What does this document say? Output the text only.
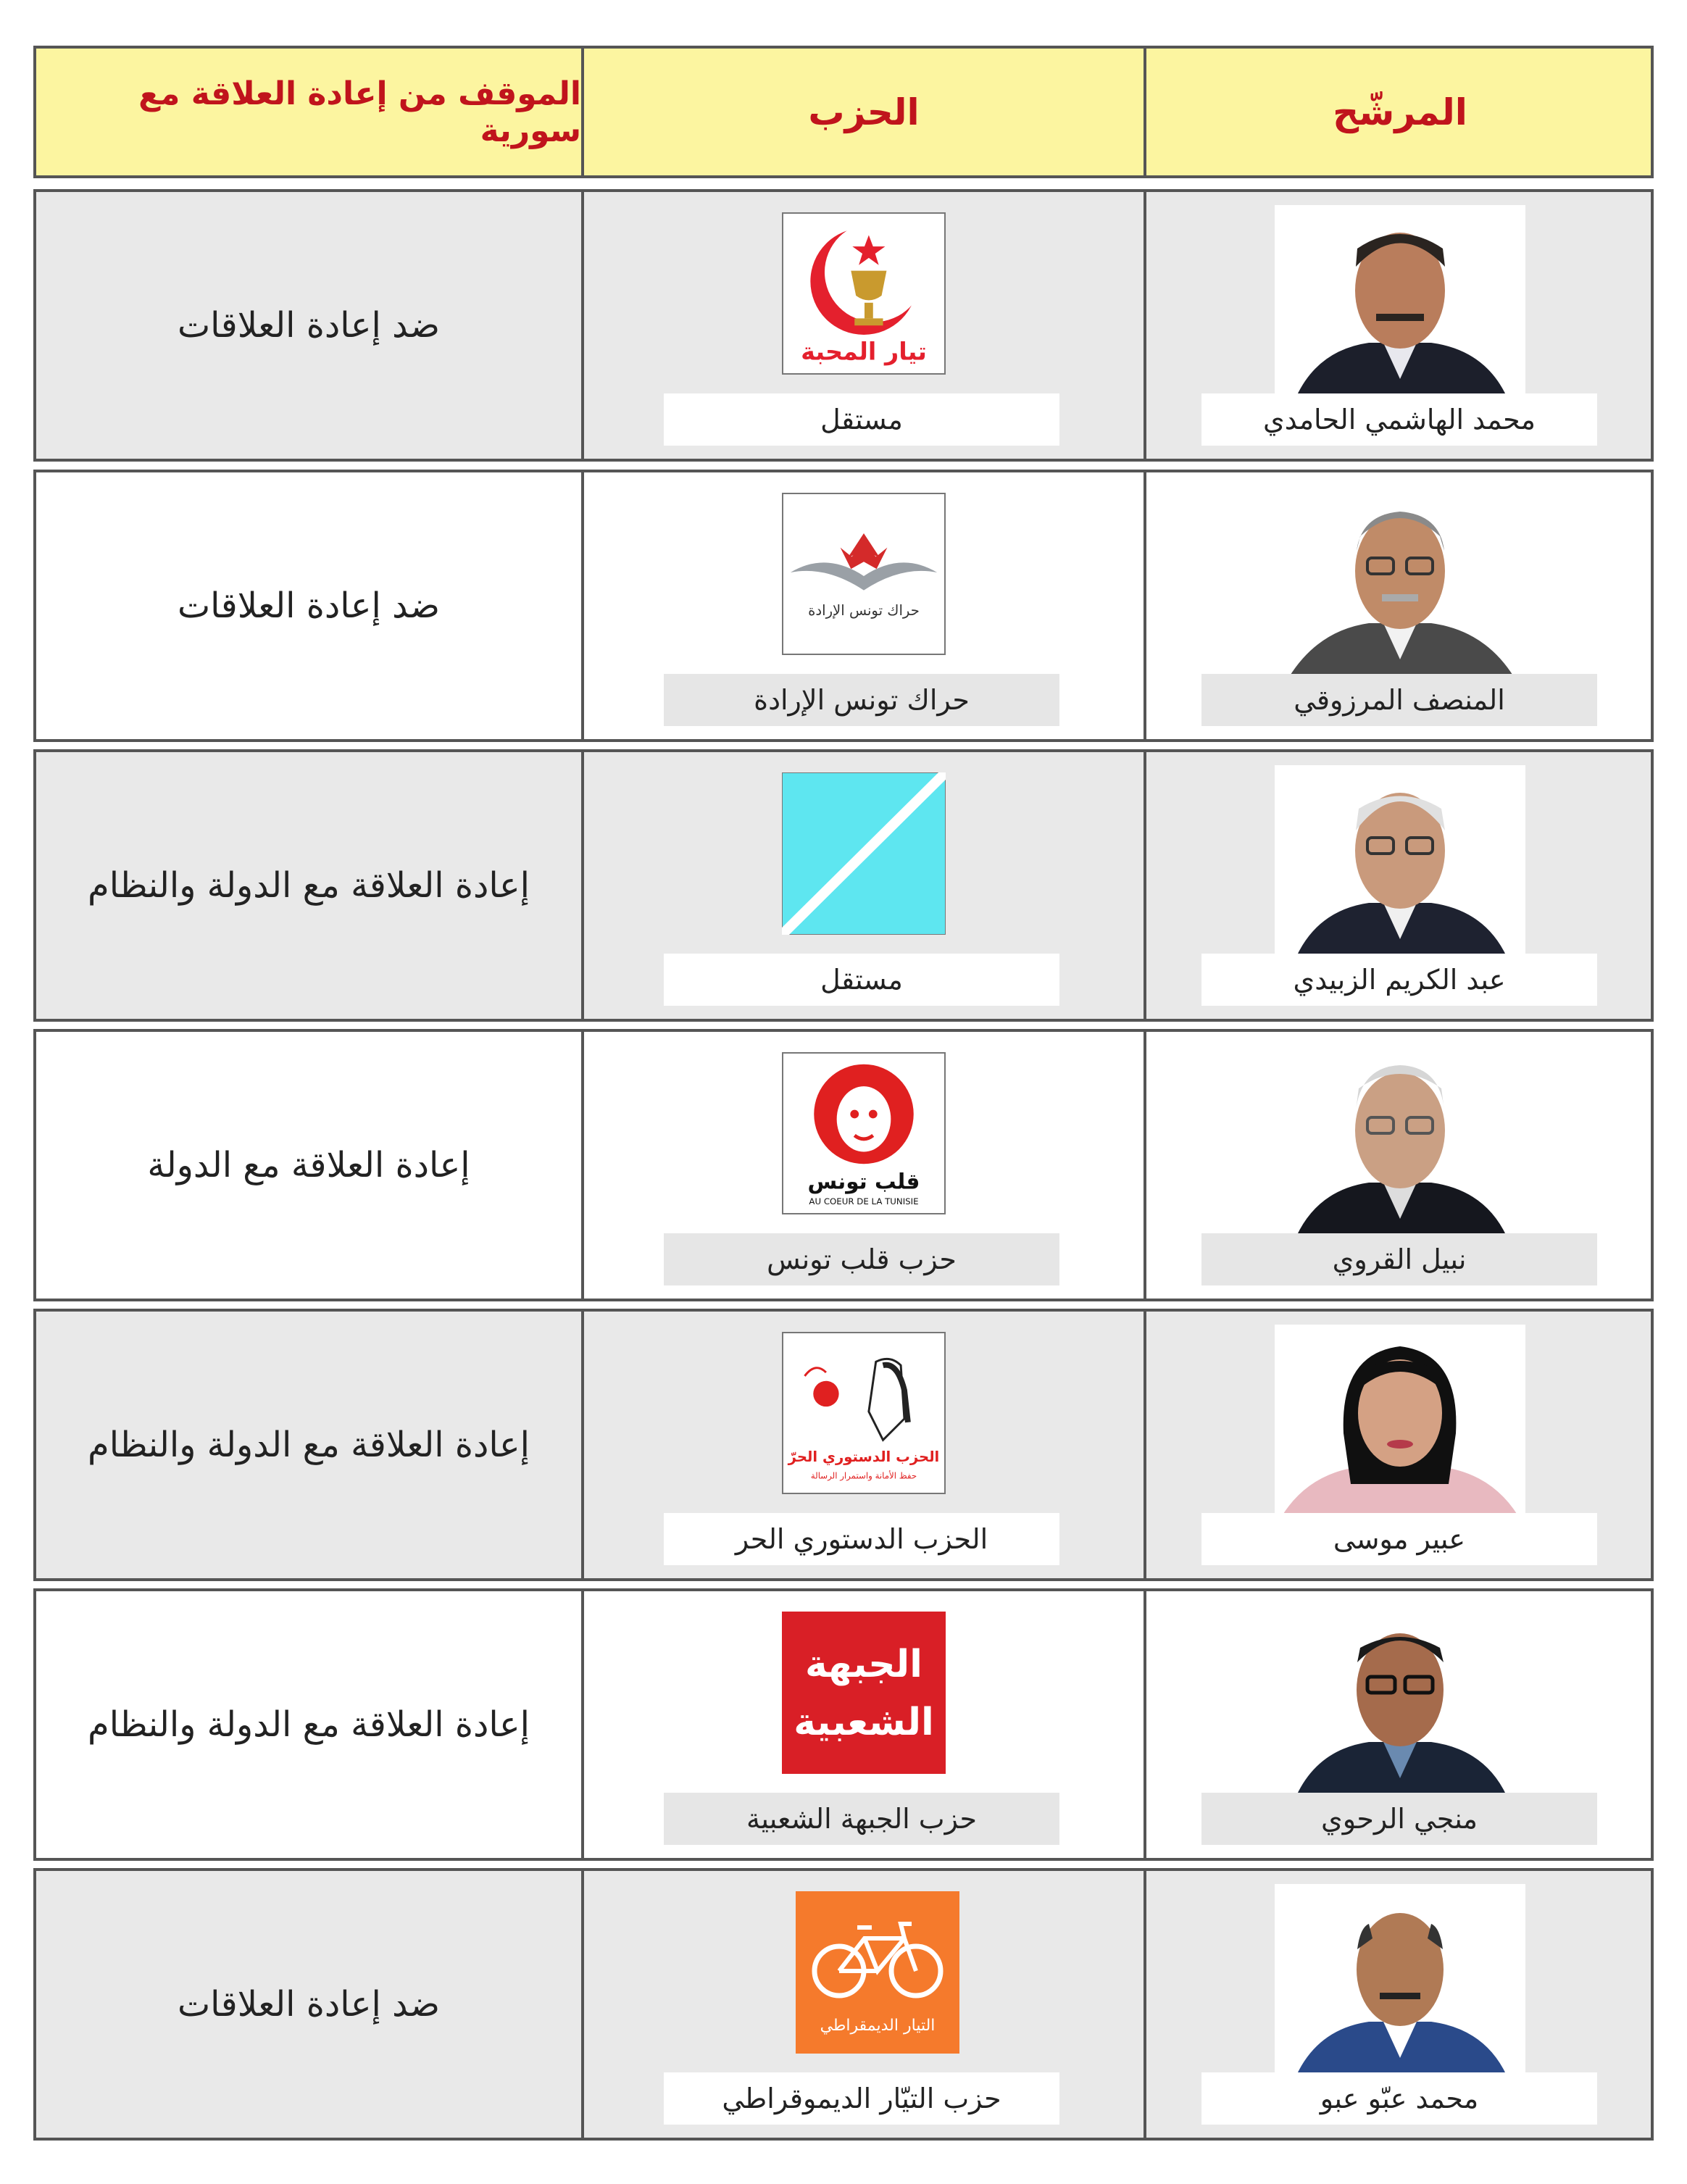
المرشّح
الحزب
الموقف من إعادة العلاقة مع سورية
محمد الهاشمي الحامدي
تيار المحبة
مستقل
ضد إعادة العلاقات
المنصف المرزوقي
حراك تونس الإرادة
حراك تونس الإرادة
ضد إعادة العلاقات
عبد الكريم الزبيدي
مستقل
إعادة العلاقة مع الدولة والنظام
نبيل القروي
قلب تونس
AU COEUR DE LA TUNISIE
حزب قلب تونس
إعادة العلاقة مع الدولة
عبير موسى
الحزب الدستوري الحرّ
حفظ الأمانة واستمرار الرسالة
الحزب الدستوري الحر
إعادة العلاقة مع الدولة والنظام
منجي الرحوي
الجبهة
الشعبية
حزب الجبهة الشعبية
إعادة العلاقة مع الدولة والنظام
محمد عبّو عبو
التيار الديمقراطي
حزب التيّار الديموقراطي
ضد إعادة العلاقات
